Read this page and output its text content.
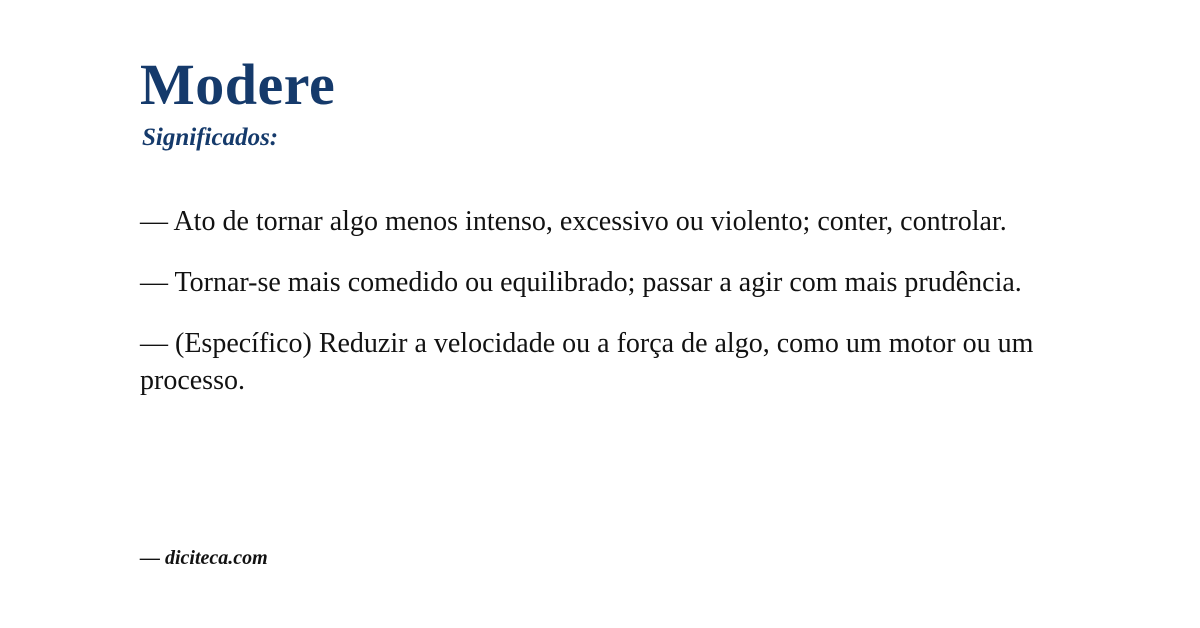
Modere
Significados:

— Ato de tornar algo menos intenso, excessivo ou violento; conter, controlar.

— Tornar-se mais comedido ou equilibrado; passar a agir com mais prudência.

— (Específico) Reduzir a velocidade ou a força de algo, como um motor ou um processo.

— diciteca.com
